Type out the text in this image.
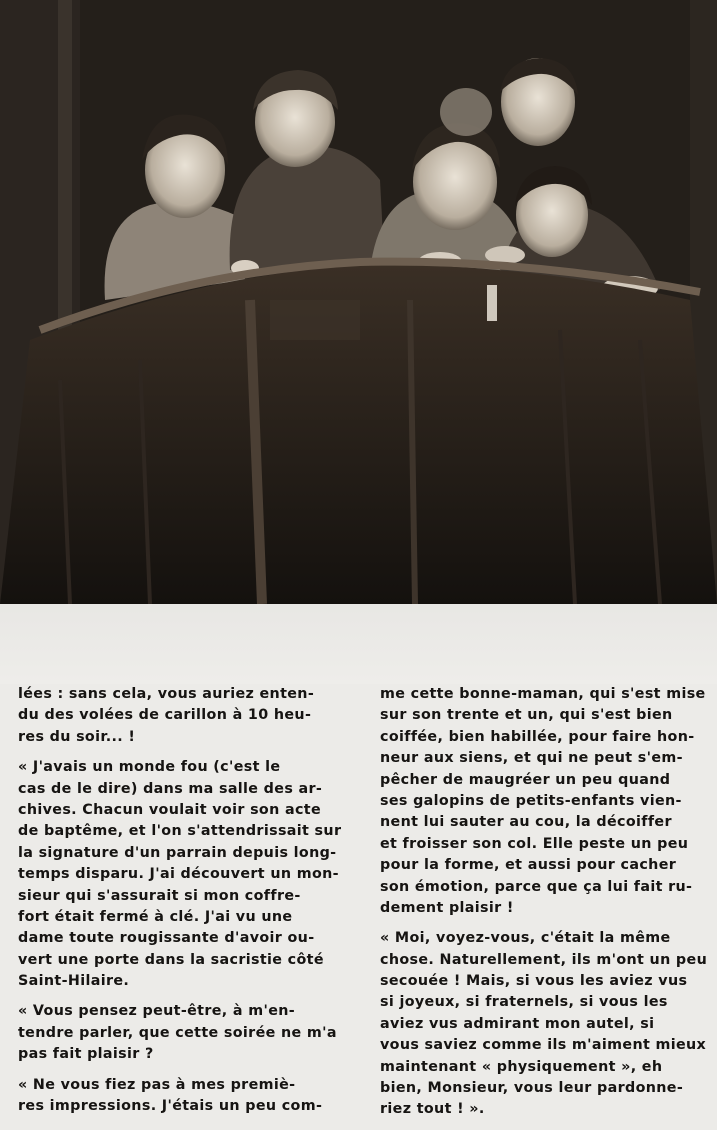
lées : sans cela, vous auriez enten-
du des volées de carillon à 10 heu-
res du soir... !
« J'avais un monde fou (c'est le
cas de le dire) dans ma salle des ar-
chives. Chacun voulait voir son acte
de baptême, et l'on s'attendrissait sur
la signature d'un parrain depuis long-
temps disparu. J'ai découvert un mon-
sieur qui s'assurait si mon coffre-
fort était fermé à clé. J'ai vu une
dame toute rougissante d'avoir ou-
vert une porte dans la sacristie côté
Saint-Hilaire.
« Vous pensez peut-être, à m'en-
tendre parler, que cette soirée ne m'a
pas fait plaisir ?
« Ne vous fiez pas à mes premiè-
res impressions. J'étais un peu com-
me cette bonne-maman, qui s'est mise
sur son trente et un, qui s'est bien
coiffée, bien habillée, pour faire hon-
neur aux siens, et qui ne peut s'em-
pêcher de maugréer un peu quand
ses galopins de petits-enfants vien-
nent lui sauter au cou, la décoiffer
et froisser son col. Elle peste un peu
pour la forme, et aussi pour cacher
son émotion, parce que ça lui fait ru-
dement plaisir !
« Moi, voyez-vous, c'était la même
chose. Naturellement, ils m'ont un peu
secouée ! Mais, si vous les aviez vus
si joyeux, si fraternels, si vous les
aviez vus admirant mon autel, si
vous saviez comme ils m'aiment mieux
maintenant « physiquement », eh
bien, Monsieur, vous leur pardonne-
riez tout ! ».
